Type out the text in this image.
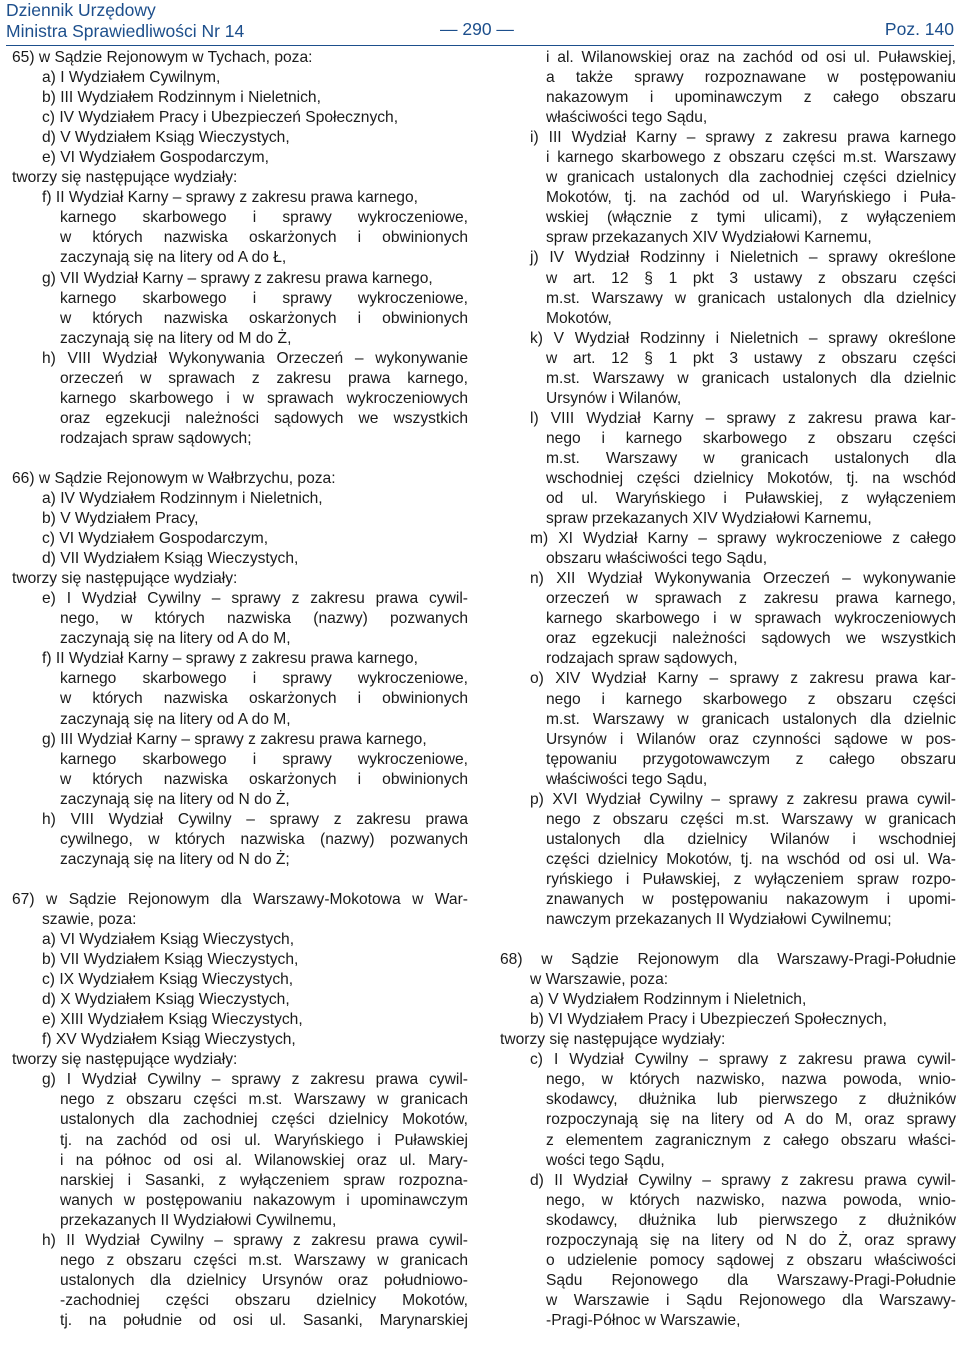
Dziennik Urzędowy
Ministra Sprawiedliwości Nr 14	— 290 —	Poz. 140
65) w Sądzie Rejonowym w Tychach, poza:
a) I Wydziałem Cywilnym,
b) III Wydziałem Rodzinnym i Nieletnich,
c) IV Wydziałem Pracy i Ubezpieczeń Społecznych,
d) V Wydziałem Ksiąg Wieczystych,
e) VI Wydziałem Gospodarczym,
tworzy się następujące wydziały:
f) II Wydział Karny – sprawy z zakresu prawa karnego,
karnego skarbowego i sprawy wykroczeniowe,
w których nazwiska oskarżonych i obwinionych
zaczynają się na litery od A do Ł,
g) VII Wydział Karny – sprawy z zakresu prawa karnego,
karnego skarbowego i sprawy wykroczeniowe,
w których nazwiska oskarżonych i obwinionych
zaczynają się na litery od M do Ż,
h) VIII Wydział Wykonywania Orzeczeń – wykonywanie
orzeczeń w sprawach z zakresu prawa karnego,
karnego skarbowego i w sprawach wykroczeniowych
oraz egzekucji należności sądowych we wszystkich
rodzajach spraw sądowych;
66) w Sądzie Rejonowym w Wałbrzychu, poza:
a) IV Wydziałem Rodzinnym i Nieletnich,
b) V Wydziałem Pracy,
c) VI Wydziałem Gospodarczym,
d) VII Wydziałem Ksiąg Wieczystych,
tworzy się następujące wydziały:
e) I Wydział Cywilny – sprawy z zakresu prawa cywil-
nego, w których nazwiska (nazwy) pozwanych
zaczynają się na litery od A do M,
f) II Wydział Karny – sprawy z zakresu prawa karnego,
karnego skarbowego i sprawy wykroczeniowe,
w których nazwiska oskarżonych i obwinionych
zaczynają się na litery od A do M,
g) III Wydział Karny – sprawy z zakresu prawa karnego,
karnego skarbowego i sprawy wykroczeniowe,
w których nazwiska oskarżonych i obwinionych
zaczynają się na litery od N do Ż,
h) VIII Wydział Cywilny – sprawy z zakresu prawa
cywilnego, w których nazwiska (nazwy) pozwanych
zaczynają się na litery od N do Ż;
67) w Sądzie Rejonowym dla Warszawy-Mokotowa w War-
szawie, poza:
a) VI Wydziałem Ksiąg Wieczystych,
b) VII Wydziałem Ksiąg Wieczystych,
c) IX Wydziałem Ksiąg Wieczystych,
d) X Wydziałem Ksiąg Wieczystych,
e) XIII Wydziałem Ksiąg Wieczystych,
f) XV Wydziałem Ksiąg Wieczystych,
tworzy się następujące wydziały:
g) I Wydział Cywilny – sprawy z zakresu prawa cywil-
nego z obszaru części m.st. Warszawy w granicach
ustalonych dla zachodniej części dzielnicy Mokotów,
tj. na zachód od osi ul. Waryńskiego i Puławskiej
i na północ od osi al. Wilanowskiej oraz ul. Mary-
narskiej i Sasanki, z wyłączeniem spraw rozpozna-
wanych w postępowaniu nakazowym i upominawczym
przekazanych II Wydziałowi Cywilnemu,
h) II Wydział Cywilny – sprawy z zakresu prawa cywil-
nego z obszaru części m.st. Warszawy w granicach
ustalonych dla dzielnicy Ursynów oraz południowo-
-zachodniej części obszaru dzielnicy Mokotów,
tj. na południe od osi ul. Sasanki, Marynarskiej
i al. Wilanowskiej oraz na zachód od osi ul. Puławskiej,
a także sprawy rozpoznawane w postępowaniu
nakazowym i upominawczym z całego obszaru
właściwości tego Sądu,
i) III Wydział Karny – sprawy z zakresu prawa karnego
i karnego skarbowego z obszaru części m.st. Warszawy
w granicach ustalonych dla zachodniej części dzielnicy
Mokotów, tj. na zachód od ul. Waryńskiego i Puła-
wskiej (włącznie z tymi ulicami), z wyłączeniem
spraw przekazanych XIV Wydziałowi Karnemu,
j) IV Wydział Rodzinny i Nieletnich – sprawy określone
w art. 12 § 1 pkt 3 ustawy z obszaru części
m.st. Warszawy w granicach ustalonych dla dzielnicy
Mokotów,
k) V Wydział Rodzinny i Nieletnich – sprawy określone
w art. 12 § 1 pkt 3 ustawy z obszaru części
m.st. Warszawy w granicach ustalonych dla dzielnic
Ursynów i Wilanów,
l) VIII Wydział Karny – sprawy z zakresu prawa kar-
nego i karnego skarbowego z obszaru części
m.st. Warszawy w granicach ustalonych dla
wschodniej części dzielnicy Mokotów, tj. na wschód
od ul. Waryńskiego i Puławskiej, z wyłączeniem
spraw przekazanych XIV Wydziałowi Karnemu,
m) XI Wydział Karny – sprawy wykroczeniowe z całego
obszaru właściwości tego Sądu,
n) XII Wydział Wykonywania Orzeczeń – wykonywanie
orzeczeń w sprawach z zakresu prawa karnego,
karnego skarbowego i w sprawach wykroczeniowych
oraz egzekucji należności sądowych we wszystkich
rodzajach spraw sądowych,
o) XIV Wydział Karny – sprawy z zakresu prawa kar-
nego i karnego skarbowego z obszaru części
m.st. Warszawy w granicach ustalonych dla dzielnic
Ursynów i Wilanów oraz czynności sądowe w pos-
tępowaniu przygotowawczym z całego obszaru
właściwości tego Sądu,
p) XVI Wydział Cywilny – sprawy z zakresu prawa cywil-
nego z obszaru części m.st. Warszawy w granicach
ustalonych dla dzielnicy Wilanów i wschodniej
części dzielnicy Mokotów, tj. na wschód od osi ul. Wa-
ryńskiego i Puławskiej, z wyłączeniem spraw rozpo-
znawanych w postępowaniu nakazowym i upomi-
nawczym przekazanych II Wydziałowi Cywilnemu;
68) w Sądzie Rejonowym dla Warszawy-Pragi-Południe
w Warszawie, poza:
a) V Wydziałem Rodzinnym i Nieletnich,
b) VI Wydziałem Pracy i Ubezpieczeń Społecznych,
tworzy się następujące wydziały:
c) I Wydział Cywilny – sprawy z zakresu prawa cywil-
nego, w których nazwisko, nazwa powoda, wnio-
skodawcy, dłużnika lub pierwszego z dłużników
rozpoczynają się na litery od A do M, oraz sprawy
z elementem zagranicznym z całego obszaru właści-
wości tego Sądu,
d) II Wydział Cywilny – sprawy z zakresu prawa cywil-
nego, w których nazwisko, nazwa powoda, wnio-
skodawcy, dłużnika lub pierwszego z dłużników
rozpoczynają się na litery od N do Ż, oraz sprawy
o udzielenie pomocy sądowej z obszaru właściwości
Sądu Rejonowego dla Warszawy-Pragi-Południe
w Warszawie i Sądu Rejonowego dla Warszawy-
-Pragi-Północ w Warszawie,
